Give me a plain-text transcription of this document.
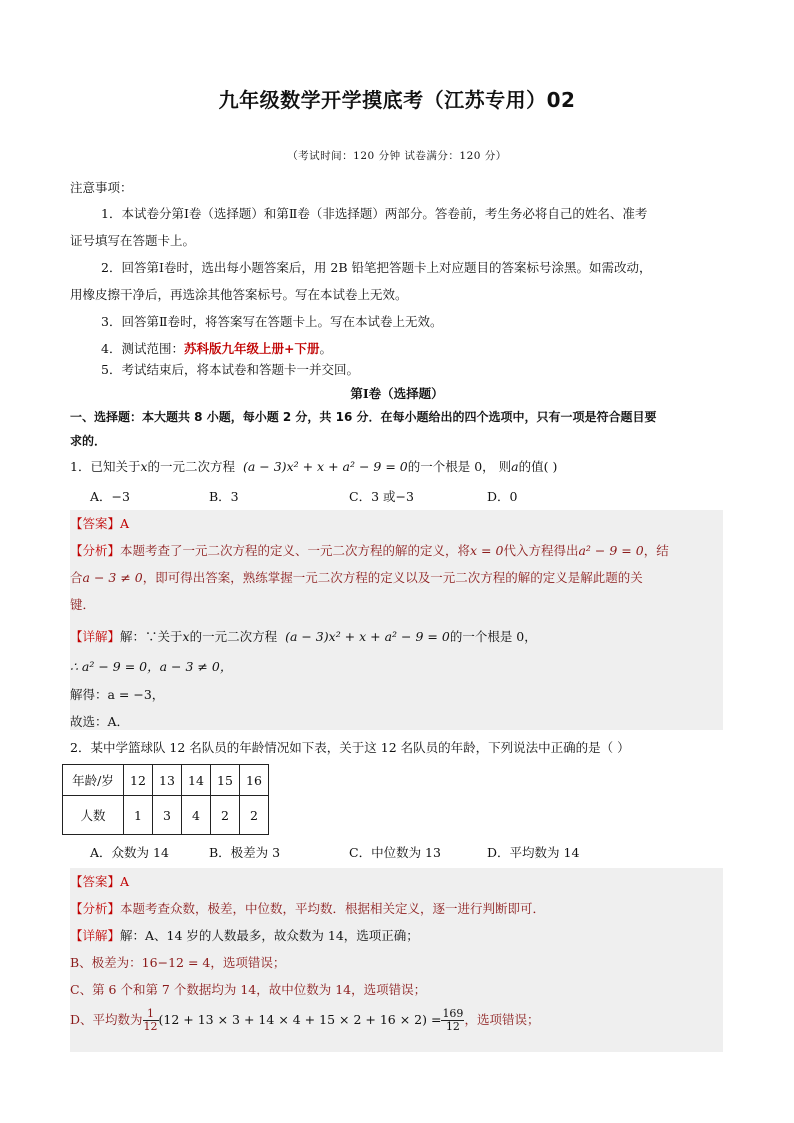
九年级数学开学摸底考（江苏专用）02
（考试时间：120 分钟 试卷满分：120 分）
注意事项：
1．本试卷分第Ⅰ卷（选择题）和第Ⅱ卷（非选择题）两部分。答卷前，考生务必将自己的姓名、准考
证号填写在答题卡上。
2．回答第Ⅰ卷时，选出每小题答案后，用 2B 铅笔把答题卡上对应题目的答案标号涂黑。如需改动，
用橡皮擦干净后，再选涂其他答案标号。写在本试卷上无效。
3．回答第Ⅱ卷时，将答案写在答题卡上。写在本试卷上无效。
4．测试范围：苏科版九年级上册+下册。
5．考试结束后，将本试卷和答题卡一并交回。
第Ⅰ卷（选择题）
一、选择题：本大题共 8 小题，每小题 2 分，共 16 分．在每小题给出的四个选项中，只有一项是符合题目要
求的．
1．已知关于x的一元二次方程 (a − 3)x² + x + a² − 9 = 0的一个根是 0， 则a的值( )
A．−3	B．3	C．3 或−3	D．0
【答案】A
【分析】本题考查了一元二次方程的定义、一元二次方程的解的定义，将x = 0代入方程得出a² − 9 = 0，结
合a − 3 ≠ 0，即可得出答案，熟练掌握一元二次方程的定义以及一元二次方程的解的定义是解此题的关
键．
【详解】解：∵关于x的一元二次方程 (a − 3)x² + x + a² − 9 = 0的一个根是 0，
∴ a² − 9 = 0，a − 3 ≠ 0，
解得：a = −3，
故选：A．
2．某中学篮球队 12 名队员的年龄情况如下表，关于这 12 名队员的年龄，下列说法中正确的是（ ）
年龄/岁	12	13	14	15	16
人数	1	3	4	2	2
A．众数为 14	B．极差为 3	C．中位数为 13	D．平均数为 14
【答案】A
【分析】本题考查众数，极差，中位数，平均数．根据相关定义，逐一进行判断即可．
【详解】解：A、14 岁的人数最多，故众数为 14，选项正确；
B、极差为：16−12 = 4，选项错误；
C、第 6 个和第 7 个数据均为 14，故中位数为 14，选项错误；
D、平均数为 $\frac{1}{12} (12 + 13 \times 3 + 14 \times 4 + 15 \times 2 + 16 \times 2) = \frac{169}{12}$ ，选项错误；
